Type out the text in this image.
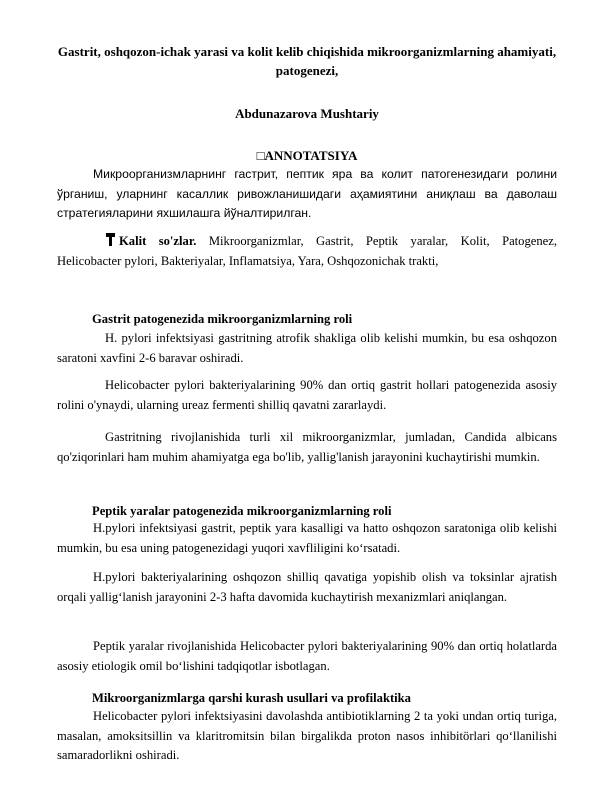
Gastrit, oshqozon-ichak yarasi va kolit kelib chiqishida mikroorganizmlarning ahamiyati, patogenezi,

Abdunazarova Mushtariy

□ANNOTATSIYA

Микроорганизмларнинг гастрит, пептик яра ва колит патогенезидаги ролини ўрганиш, уларнинг касаллик ривожланишидаги аҳамиятини аниқлаш ва даволаш стратегияларини яхшилашга йўналтирилган.

Kalit so'zlar. Mikroorganizmlar, Gastrit, Peptik yaralar, Kolit, Patogenez, Helicobacter pylori, Bakteriyalar, Inflamatsiya, Yara, Oshqozonichak trakti,

Gastrit patogenezida mikroorganizmlarning roli

H. pylori infektsiyasi gastritning atrofik shakliga olib kelishi mumkin, bu esa oshqozon saratoni xavfini 2-6 baravar oshiradi.

Helicobacter pylori bakteriyalarining 90% dan ortiq gastrit hollari patogenezida asosiy rolini o'ynaydi, ularning ureaz fermenti shilliq qavatni zararlaydi.

Gastritning rivojlanishida turli xil mikroorganizmlar, jumladan, Candida albicans qo'ziqorinlari ham muhim ahamiyatga ega bo'lib, yallig'lanish jarayonini kuchaytirishi mumkin.

Peptik yaralar patogenezida mikroorganizmlarning roli

H.pylori infektsiyasi gastrit, peptik yara kasalligi va hatto oshqozon saratoniga olib kelishi mumkin, bu esa uning patogenezidagi yuqori xavfliligini ko‘rsatadi.

H.pylori bakteriyalarining oshqozon shilliq qavatiga yopishib olish va toksinlar ajratish orqali yallig‘lanish jarayonini 2-3 hafta davomida kuchaytirish mexanizmlari aniqlangan.

Peptik yaralar rivojlanishida Helicobacter pylori bakteriyalarining 90% dan ortiq holatlarda asosiy etiologik omil bo‘lishini tadqiqotlar isbotlagan.

Mikroorganizmlarga qarshi kurash usullari va profilaktika

Helicobacter pylori infektsiyasini davolashda antibiotiklarning 2 ta yoki undan ortiq turiga, masalan, amoksitsillin va klaritromitsin bilan birgalikda proton nasos inhibitörlari qo‘llanilishi samaradorlikni oshiradi.
